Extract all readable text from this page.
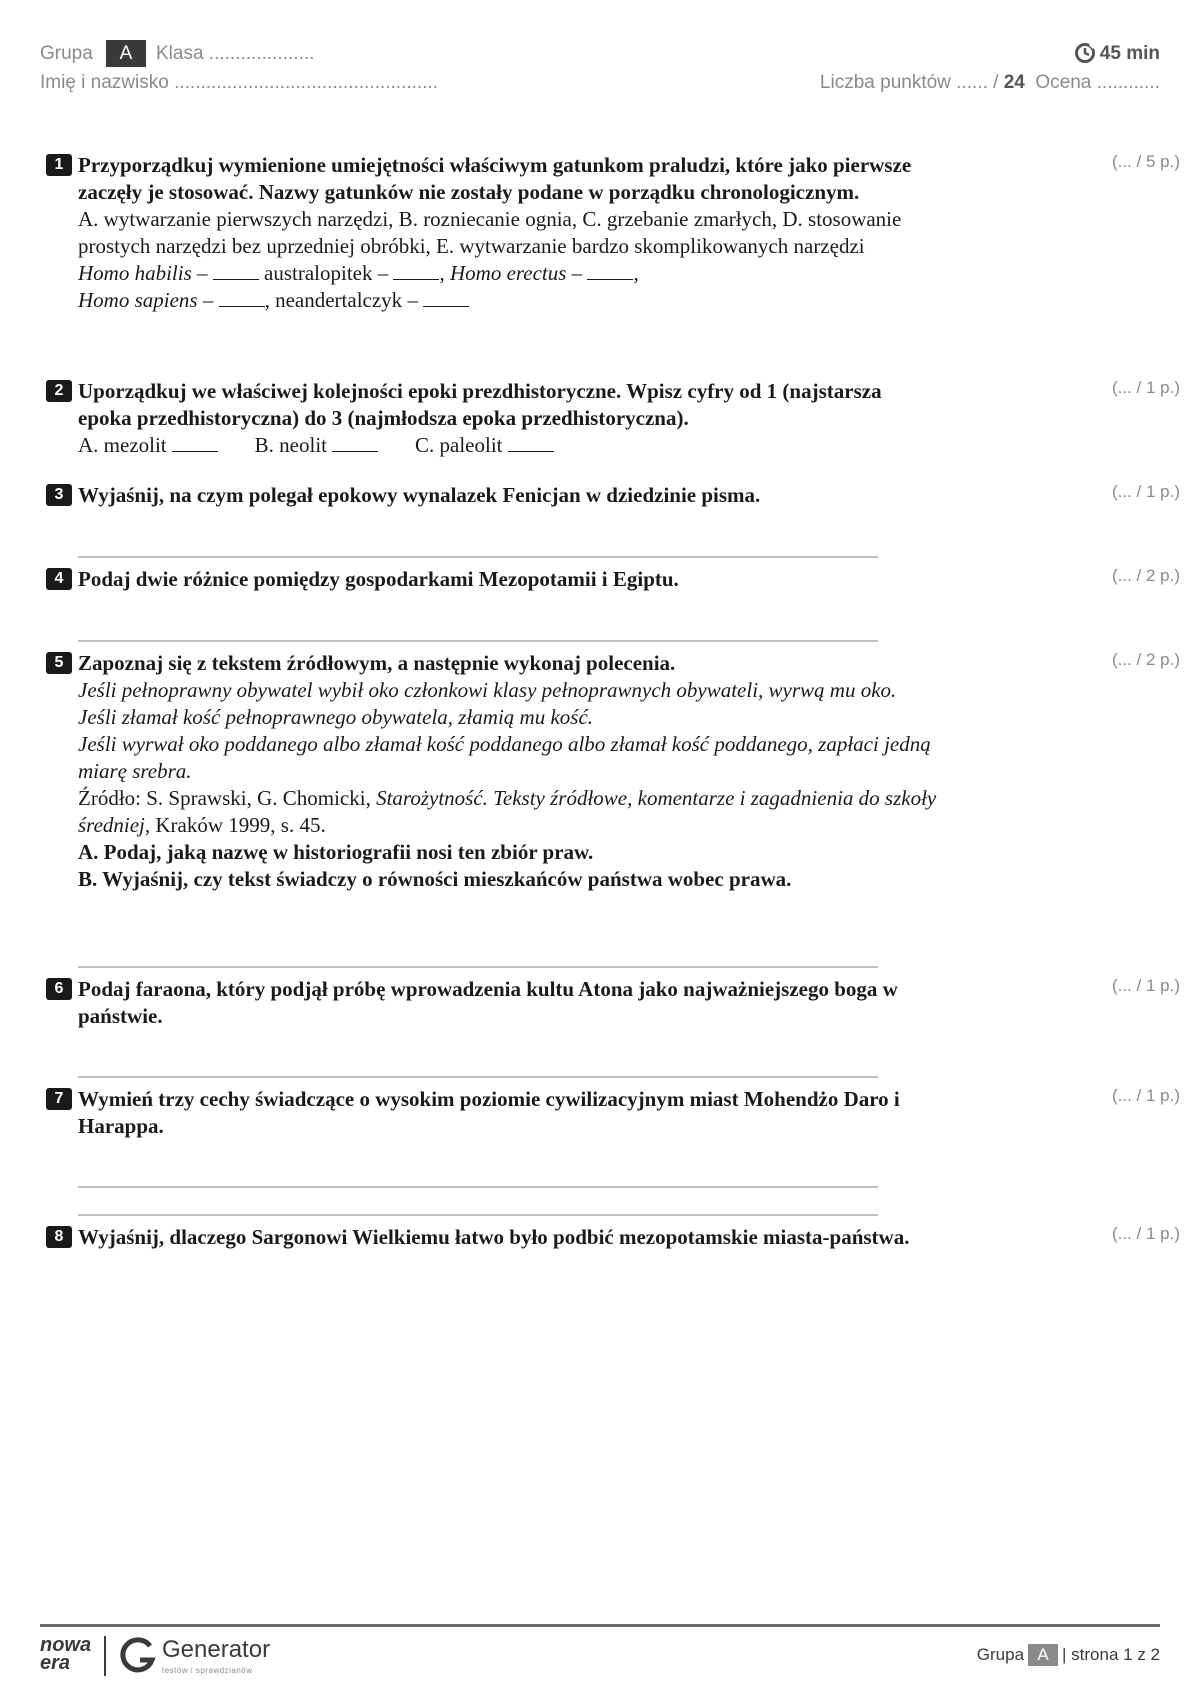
Grupa	A	Klasa ....................	45 min
Imię i nazwisko ..................................................	Liczba punktów ...... / 24 Ocena ............
1 Przyporządkuj wymienione umiejętności właściwym gatunkom praludzi, które jako pierwsze zaczęły je stosować. Nazwy gatunków nie zostały podane w porządku chronologicznym.
A. wytwarzanie pierwszych narzędzi, B. rozniecanie ognia, C. grzebanie zmarłych, D. stosowanie prostych narzędzi bez uprzedniej obróbki, E. wytwarzanie bardzo skomplikowanych narzędzi
Homo habilis –	australopitek – , Homo erectus – ,
Homo sapiens – , neandertalczyk –
(... / 5 p.)
2 Uporządkuj we właściwej kolejności epoki prezdhistoryczne. Wpisz cyfry od 1 (najstarsza epoka przedhistoryczna) do 3 (najmłodsza epoka przedhistoryczna).
A. mezolit	B. neolit	C. paleolit
(... / 1 p.)
3 Wyjaśnij, na czym polegał epokowy wynalazek Fenicjan w dziedzinie pisma.	(... / 1 p.)
4 Podaj dwie różnice pomiędzy gospodarkami Mezopotamii i Egiptu.	(... / 2 p.)
5 Zapoznaj się z tekstem źródłowym, a następnie wykonaj polecenia.
Jeśli pełnoprawny obywatel wybił oko członkowi klasy pełnoprawnych obywateli, wyrwą mu oko.
Jeśli złamał kość pełnoprawnego obywatela, złamią mu kość.
Jeśli wyrwał oko poddanego albo złamał kość poddanego albo złamał kość poddanego, zapłaci jedną miarę srebra.
Źródło: S. Sprawski, G. Chomicki, Starożytność. Teksty źródłowe, komentarze i zagadnienia do szkoły średniej, Kraków 1999, s. 45.
A. Podaj, jaką nazwę w historiografii nosi ten zbiór praw.
B. Wyjaśnij, czy tekst świadczy o równości mieszkańców państwa wobec prawa.
(... / 2 p.)
6 Podaj faraona, który podjął próbę wprowadzenia kultu Atona jako najważniejszego boga w państwie.
(... / 1 p.)
7 Wymień trzy cechy świadczące o wysokim poziomie cywilizacyjnym miast Mohendżo Daro i Harappa.
(... / 1 p.)
8 Wyjaśnij, dlaczego Sargonowi Wielkiemu łatwo było podbić mezopotamskie miasta-państwa.	(... / 1 p.)
nowa
era	Generator
testów i sprawdzianów
Grupa A | strona 1 z 2
